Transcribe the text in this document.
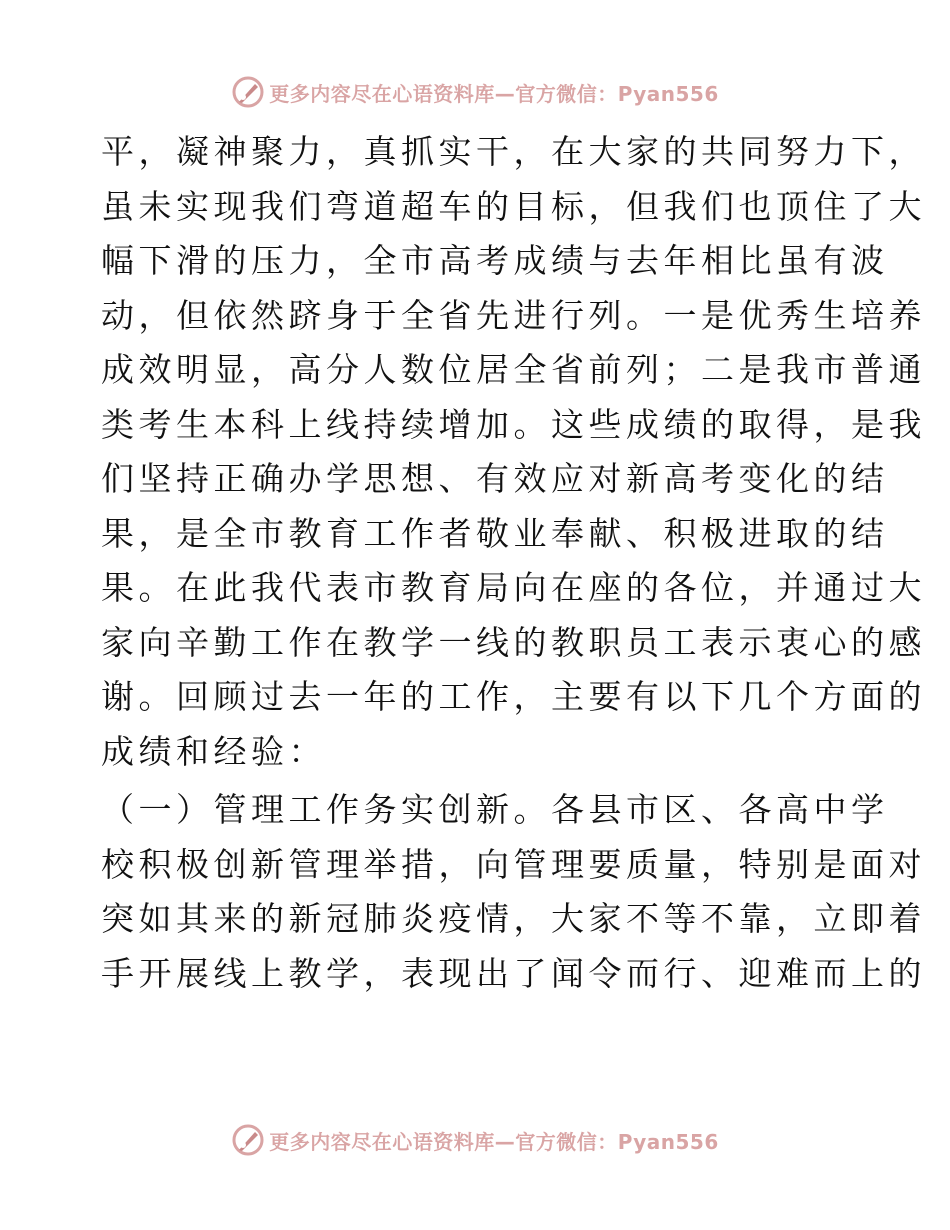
更多内容尽在心语资料库—官方微信：Pyan556

平，凝神聚力，真抓实干，在大家的共同努力下，
虽未实现我们弯道超车的目标，但我们也顶住了大
幅下滑的压力，全市高考成绩与去年相比虽有波
动，但依然跻身于全省先进行列。一是优秀生培养
成效明显，高分人数位居全省前列；二是我市普通
类考生本科上线持续增加。这些成绩的取得，是我
们坚持正确办学思想、有效应对新高考变化的结
果，是全市教育工作者敬业奉献、积极进取的结
果。在此我代表市教育局向在座的各位，并通过大
家向辛勤工作在教学一线的教职员工表示衷心的感
谢。回顾过去一年的工作，主要有以下几个方面的
成绩和经验：

（一）管理工作务实创新。各县市区、各高中学
校积极创新管理举措，向管理要质量，特别是面对
突如其来的新冠肺炎疫情，大家不等不靠，立即着
手开展线上教学，表现出了闻令而行、迎难而上的

更多内容尽在心语资料库—官方微信：Pyan556
